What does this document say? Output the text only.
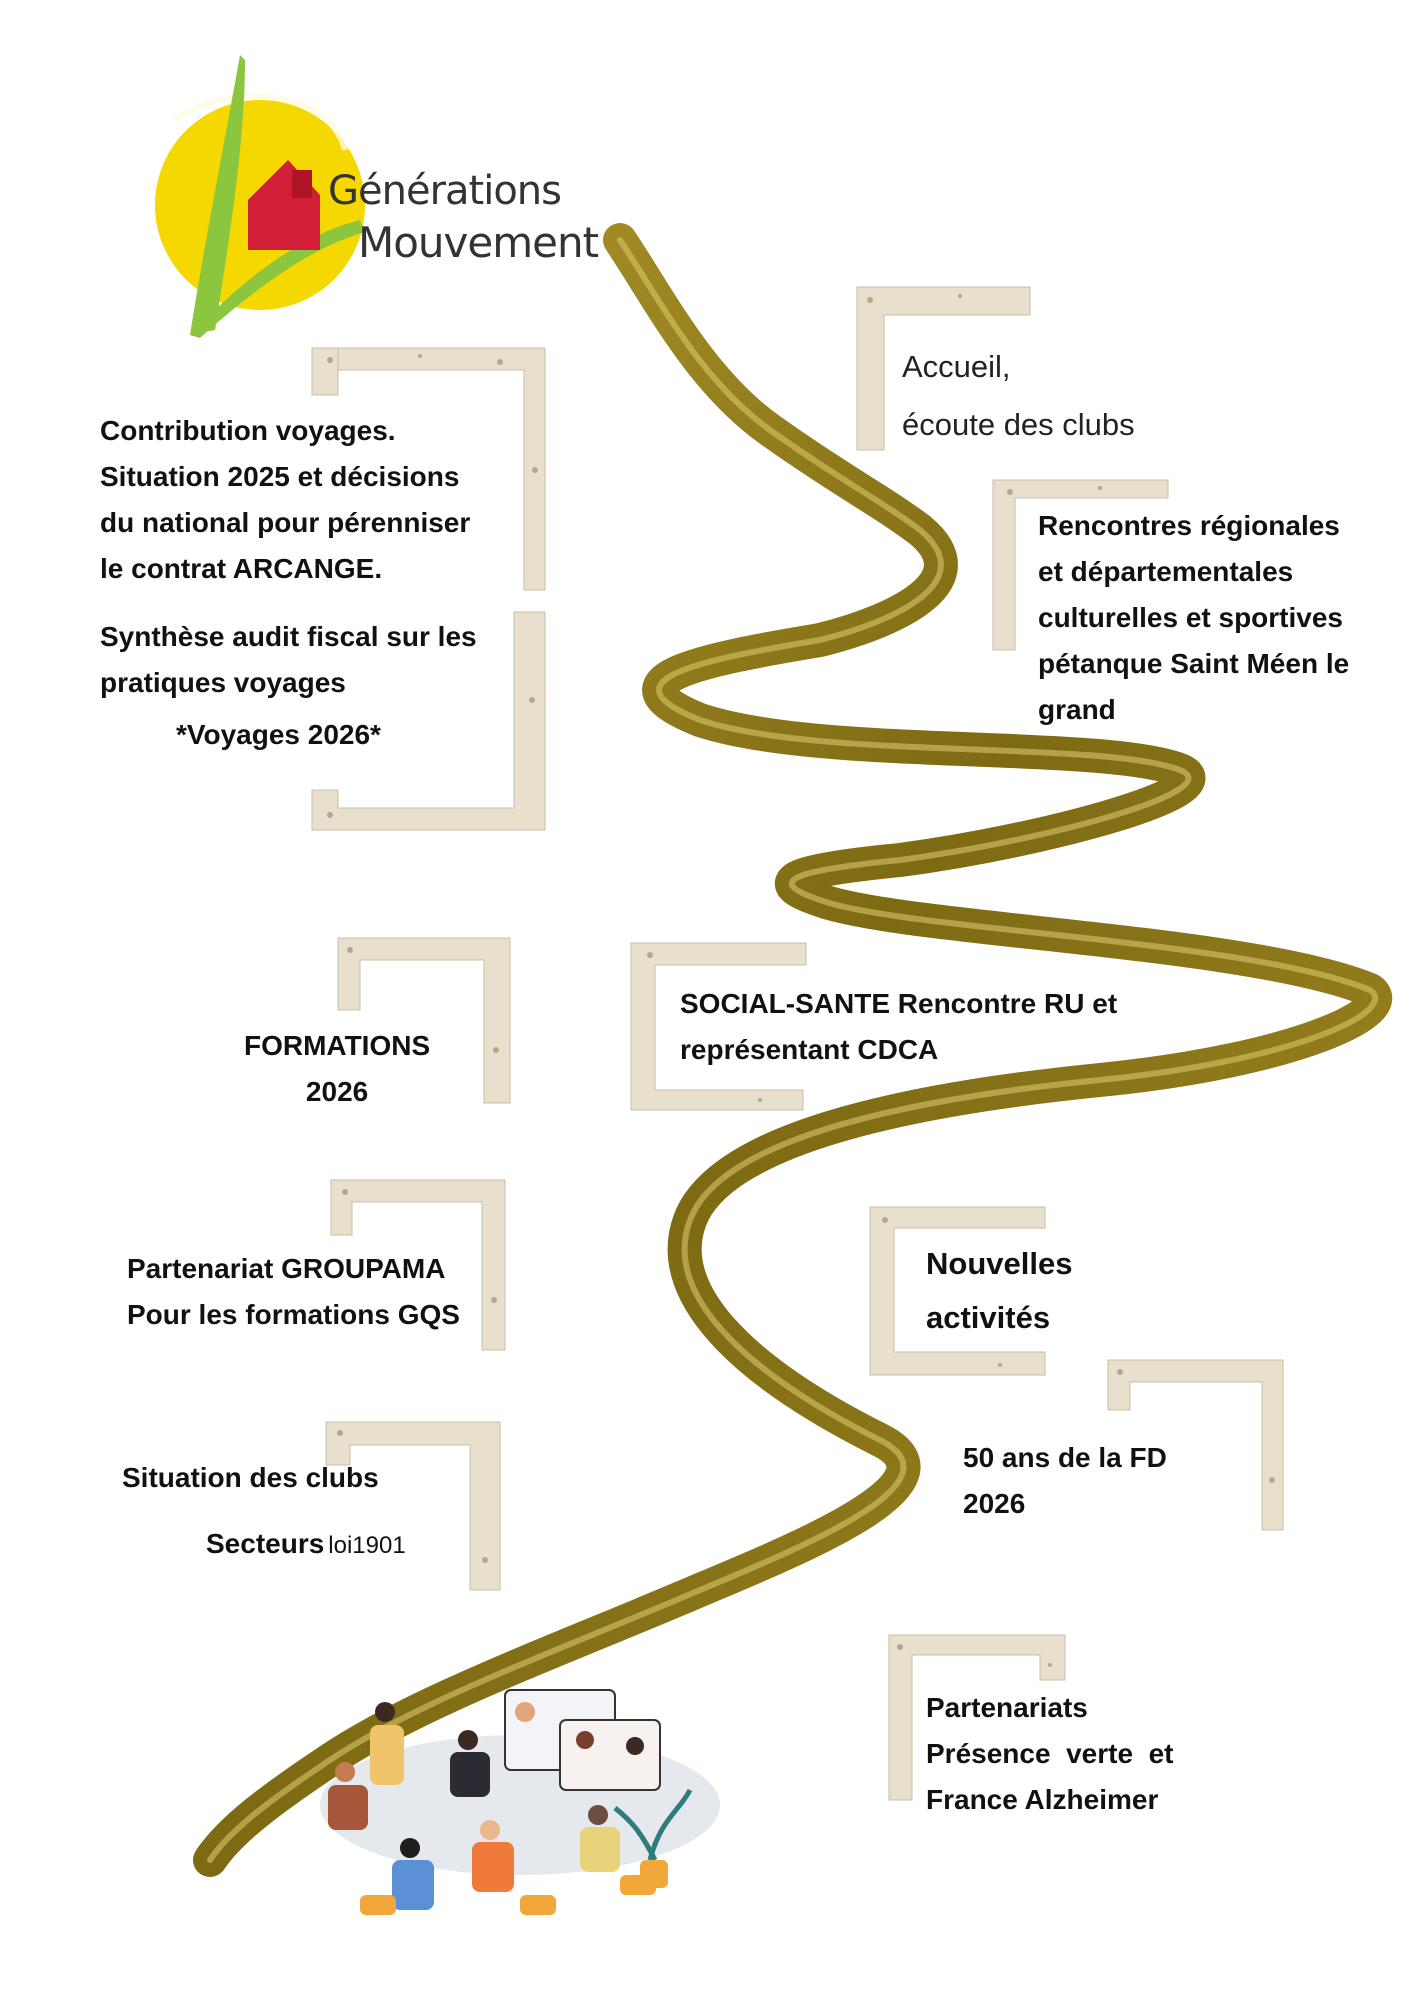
Générations
Mouvement
Contribution voyages.
Situation 2025 et décisions
du national pour pérenniser
le contrat ARCANGE.
Synthèse audit fiscal sur les
pratiques voyages
*Voyages 2026*
Accueil,
écoute des clubs
Rencontres régionales
et départementales
culturelles et sportives
pétanque Saint Méen le
grand
FORMATIONS
2026
SOCIAL-SANTE Rencontre RU et
représentant CDCA
Partenariat GROUPAMA
Pour les formations GQS
Nouvelles
activités
50 ans de la FD
2026
Situation des clubs
Secteurs loi1901
Partenariats
Présence  verte  et
France Alzheimer
